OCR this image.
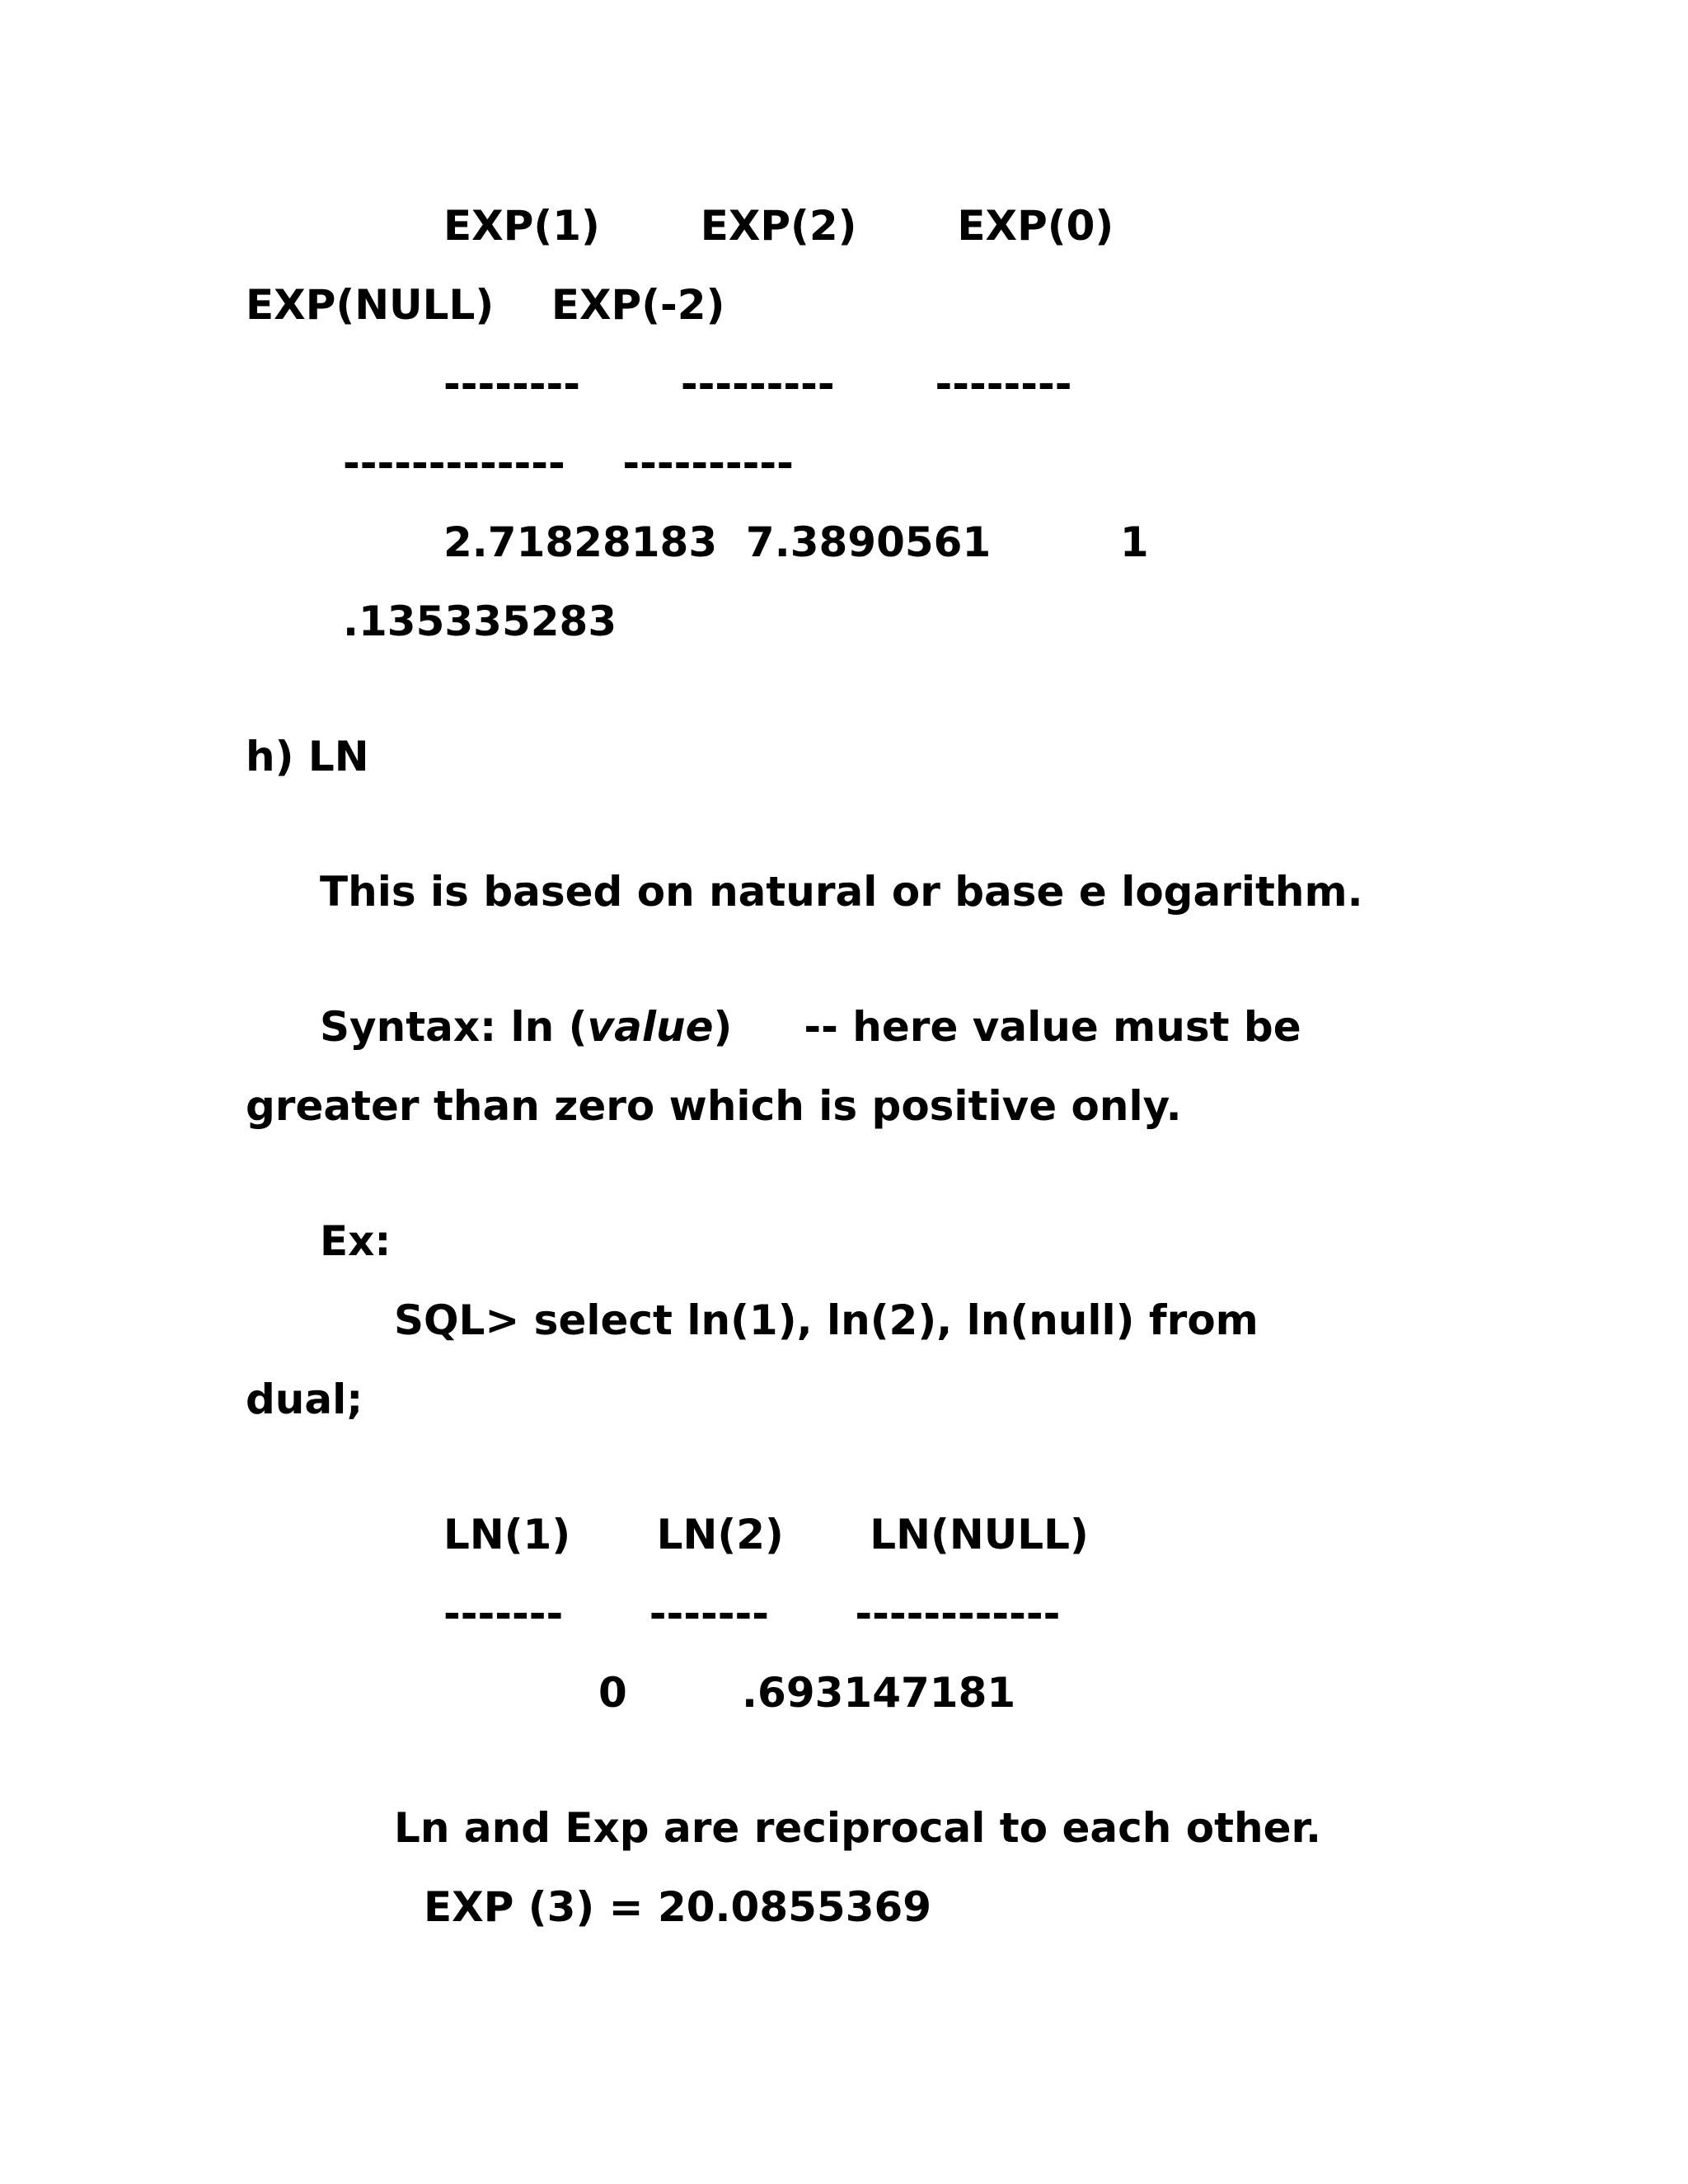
EXP(1)       EXP(2)       EXP(0)
EXP(NULL)    EXP(-2)
--------       ---------       --------
-------------    ----------
2.71828183  7.3890561         1
.135335283
h) LN
This is based on natural or base e logarithm.
Syntax: ln (value)     -- here value must be
greater than zero which is positive only.
Ex:
SQL> select ln(1), ln(2), ln(null) from
dual;
LN(1)      LN(2)      LN(NULL)
-------      -------      ------------
0        .693147181
Ln and Exp are reciprocal to each other.
EXP (3) = 20.0855369
